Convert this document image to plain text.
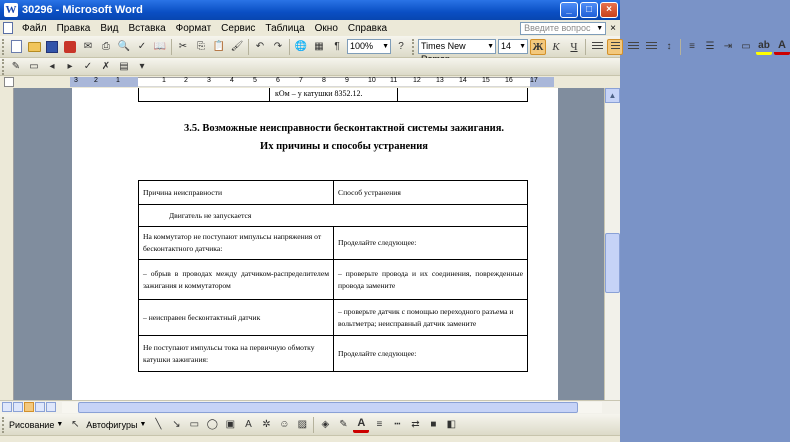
W 30296 - Microsoft Word	_	□	×
Файл	Правка	Вид	Вставка	Формат	Сервис	Таблица	Окно	Справка	Введите вопрос ▼ ×
✉ ⎙ 🔍 ✓ 📖	✂ ⎘ 📋 🖌	↶ ↷	🌐 ▦	¶	100% ▼ ?	Times New	▼ 14 ▼ Ж К Ч	↕	≡	☰ ⇥ ▭ ab A
✎ ▭	◂	▸	✓ ✗ ▤	▾
3 2	1	1	2	3	4	5	6	7	8	9	10 11 12 13 14 15 16 17
кОм – у катушки 8352.12.
3.5. Возможные неисправности бесконтактной системы зажигания.
Их причины и способы устранения
Причина неисправности	Способ устранения
Двигатель не запускается	
На коммутатор не поступают импульсы напряжения от бесконтактного датчика:	Проделайте следующее:
– обрыв в проводах между датчиком-распределителем зажигания и коммутатором	– проверьте провода и их соединения, поврежденные провода замените
– неисправен бесконтактный датчик	– проверьте датчик с помощью переходного разъема и вольтметра; неисправный датчик замените
Не поступают импульсы тока на первичную обмотку катушки зажигания:	Проделайте следующее:
▲
Рисование ▼ ↖ Автофигуры ▼ ╲	↘ ▭ ◯ ▣ A	✲ ☺ ▨	◈ ✎ A	≡	┅	⇄	■	◧
